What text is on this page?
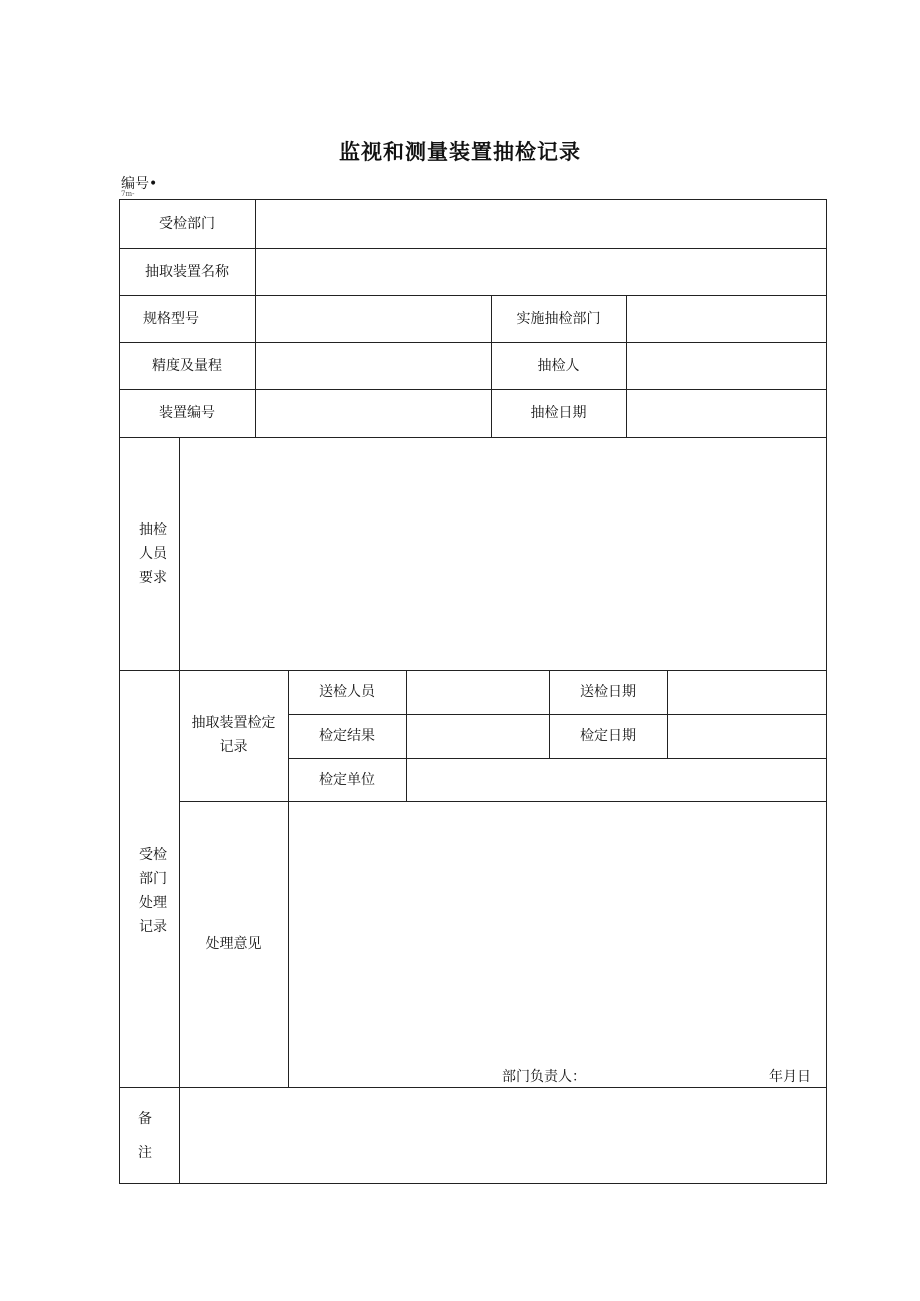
监视和测量装置抽检记录
编号•
7m-
受检部门
抽取装置名称
规格型号	实施抽检部门
精度及量程	抽检人
装置编号	抽检日期
抽检
人员
要求
受检
部门
处理
记录
抽取装置检定
记录
送检人员	送检日期
检定结果	检定日期
检定单位
处理意见
部门负责人：	年月日
备
注
